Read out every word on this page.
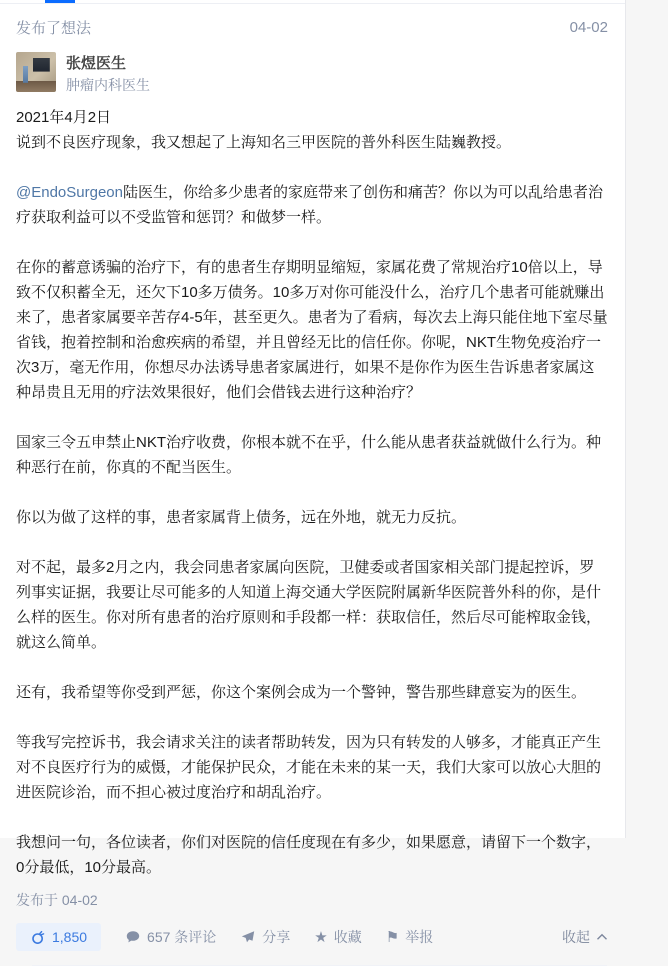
发布了想法	04-02
张煜医生
肿瘤内科医生
2021年4月2日
说到不良医疗现象，我又想起了上海知名三甲医院的普外科医生陆巍教授。
@EndoSurgeon陆医生，你给多少患者的家庭带来了创伤和痛苦？你以为可以乱给患者治疗获取利益可以不受监管和惩罚？和做梦一样。
在你的蓄意诱骗的治疗下，有的患者生存期明显缩短，家属花费了常规治疗10倍以上，导致不仅积蓄全无，还欠下10多万债务。10多万对你可能没什么，治疗几个患者可能就赚出来了，患者家属要辛苦存4-5年，甚至更久。患者为了看病，每次去上海只能住地下室尽量省钱，抱着控制和治愈疾病的希望，并且曾经无比的信任你。你呢，NKT生物免疫治疗一次3万，毫无作用，你想尽办法诱导患者家属进行，如果不是你作为医生告诉患者家属这种昂贵且无用的疗法效果很好，他们会借钱去进行这种治疗？
国家三令五申禁止NKT治疗收费，你根本就不在乎，什么能从患者获益就做什么行为。种种恶行在前，你真的不配当医生。
你以为做了这样的事，患者家属背上债务，远在外地，就无力反抗。
对不起，最多2月之内，我会同患者家属向医院，卫健委或者国家相关部门提起控诉，罗列事实证据，我要让尽可能多的人知道上海交通大学医院附属新华医院普外科的你，是什么样的医生。你对所有患者的治疗原则和手段都一样：获取信任，然后尽可能榨取金钱，就这么简单。
还有，我希望等你受到严惩，你这个案例会成为一个警钟，警告那些肆意妄为的医生。
等我写完控诉书，我会请求关注的读者帮助转发，因为只有转发的人够多，才能真正产生对不良医疗行为的威慑，才能保护民众，才能在未来的某一天，我们大家可以放心大胆的进医院诊治，而不担心被过度治疗和胡乱治疗。
我想问一句，各位读者，你们对医院的信任度现在有多少，如果愿意，请留下一个数字，0分最低，10分最高。
发布于 04-02
1,850	657 条评论	分享 ★ 收藏 ⚑ 举报	收起
